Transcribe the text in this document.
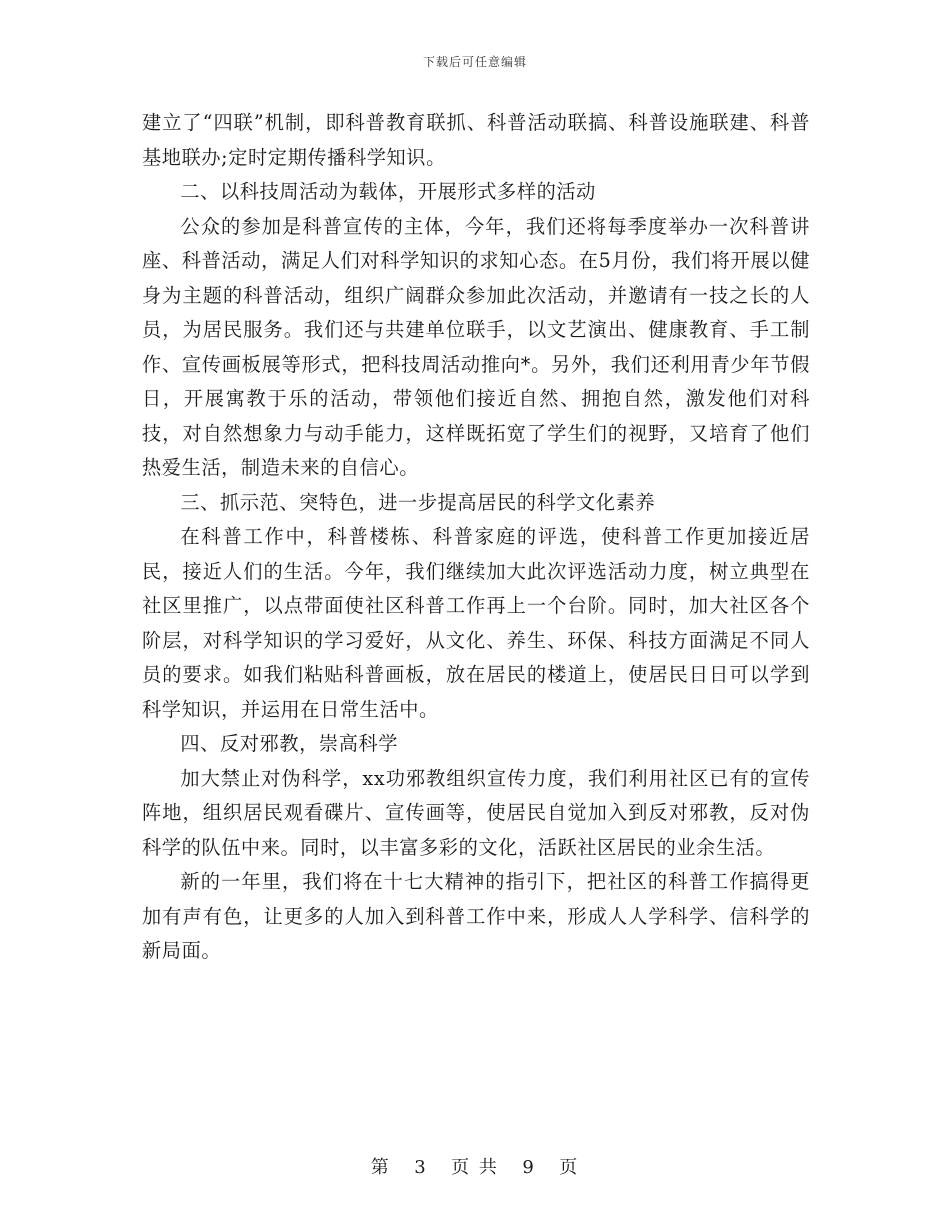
下载后可任意编辑

建立了“四联”机制，即科普教育联抓、科普活动联搞、科普设施联建、科普基地联办;定时定期传播科学知识。

二、以科技周活动为载体，开展形式多样的活动

公众的参加是科普宣传的主体，今年，我们还将每季度举办一次科普讲座、科普活动，满足人们对科学知识的求知心态。在5月份，我们将开展以健身为主题的科普活动，组织广阔群众参加此次活动，并邀请有一技之长的人员，为居民服务。我们还与共建单位联手，以文艺演出、健康教育、手工制作、宣传画板展等形式，把科技周活动推向*。另外，我们还利用青少年节假日，开展寓教于乐的活动，带领他们接近自然、拥抱自然，激发他们对科技，对自然想象力与动手能力，这样既拓宽了学生们的视野，又培育了他们热爱生活，制造未来的自信心。

三、抓示范、突特色，进一步提高居民的科学文化素养

在科普工作中，科普楼栋、科普家庭的评选，使科普工作更加接近居民，接近人们的生活。今年，我们继续加大此次评选活动力度，树立典型在社区里推广，以点带面使社区科普工作再上一个台阶。同时，加大社区各个阶层，对科学知识的学习爱好，从文化、养生、环保、科技方面满足不同人员的要求。如我们粘贴科普画板，放在居民的楼道上，使居民日日可以学到科学知识，并运用在日常生活中。

四、反对邪教，崇高科学

加大禁止对伪科学，xx功邪教组织宣传力度，我们利用社区已有的宣传阵地，组织居民观看碟片、宣传画等，使居民自觉加入到反对邪教，反对伪科学的队伍中来。同时，以丰富多彩的文化，活跃社区居民的业余生活。

新的一年里，我们将在十七大精神的指引下，把社区的科普工作搞得更加有声有色，让更多的人加入到科普工作中来，形成人人学科学、信科学的新局面。

第 3 页 共 9 页
